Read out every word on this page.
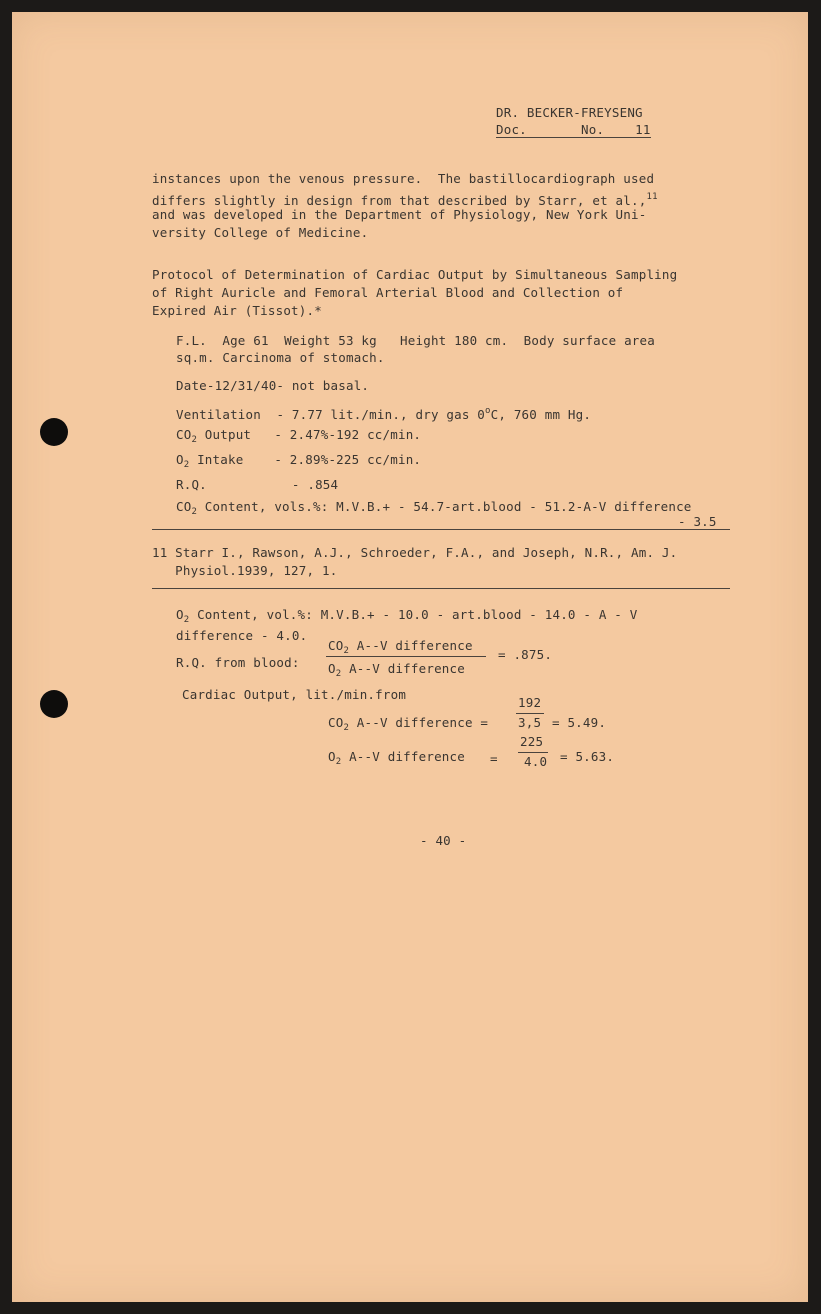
DR. BECKER-FREYSENG
Doc.	No. 11
instances upon the venous pressure.  The bastillocardiograph used
differs slightly in design from that described by Starr, et al.,$^{11}$
and was developed in the Department of Physiology, New York Uni-
versity College of Medicine.
Protocol of Determination of Cardiac Output by Simultaneous Sampling
of Right Auricle and Femoral Arterial Blood and Collection of
Expired Air (Tissot).*
F.L.  Age 61  Weight 53 kg   Height 180 cm.  Body surface area
sq.m. Carcinoma of stomach.
Date-12/31/40- not basal.
Ventilation - 7.77 lit./min., dry gas 0$^o$C, 760 mm Hg.
$CO_2$ Output - 2.47%-192 cc/min.
$O_2$ Intake - 2.89%-225 cc/min.
R.Q.	- .854
$CO_2$ Content, vols.%: M.V.B.+ - 54.7-art.blood - 51.2-A-V difference
- 3.5
11 Starr I., Rawson, A.J., Schroeder, F.A., and Joseph, N.R., Am. J.
Physiol.1939, 127, 1.
$O_2$ Content, vol.%: M.V.B.+ - 10.0 - art.blood - 14.0 - A - V
difference - 4.0.
$CO_2$ A--V difference
R.Q. from blood: $O_2$ A--V difference
= .875.
Cardiac Output, lit./min.from
192
$CO_2$ A--V difference = 3,5 = 5.49.
225
$O_2$ A--V difference = 4.0 = 5.63.
- 40 -
